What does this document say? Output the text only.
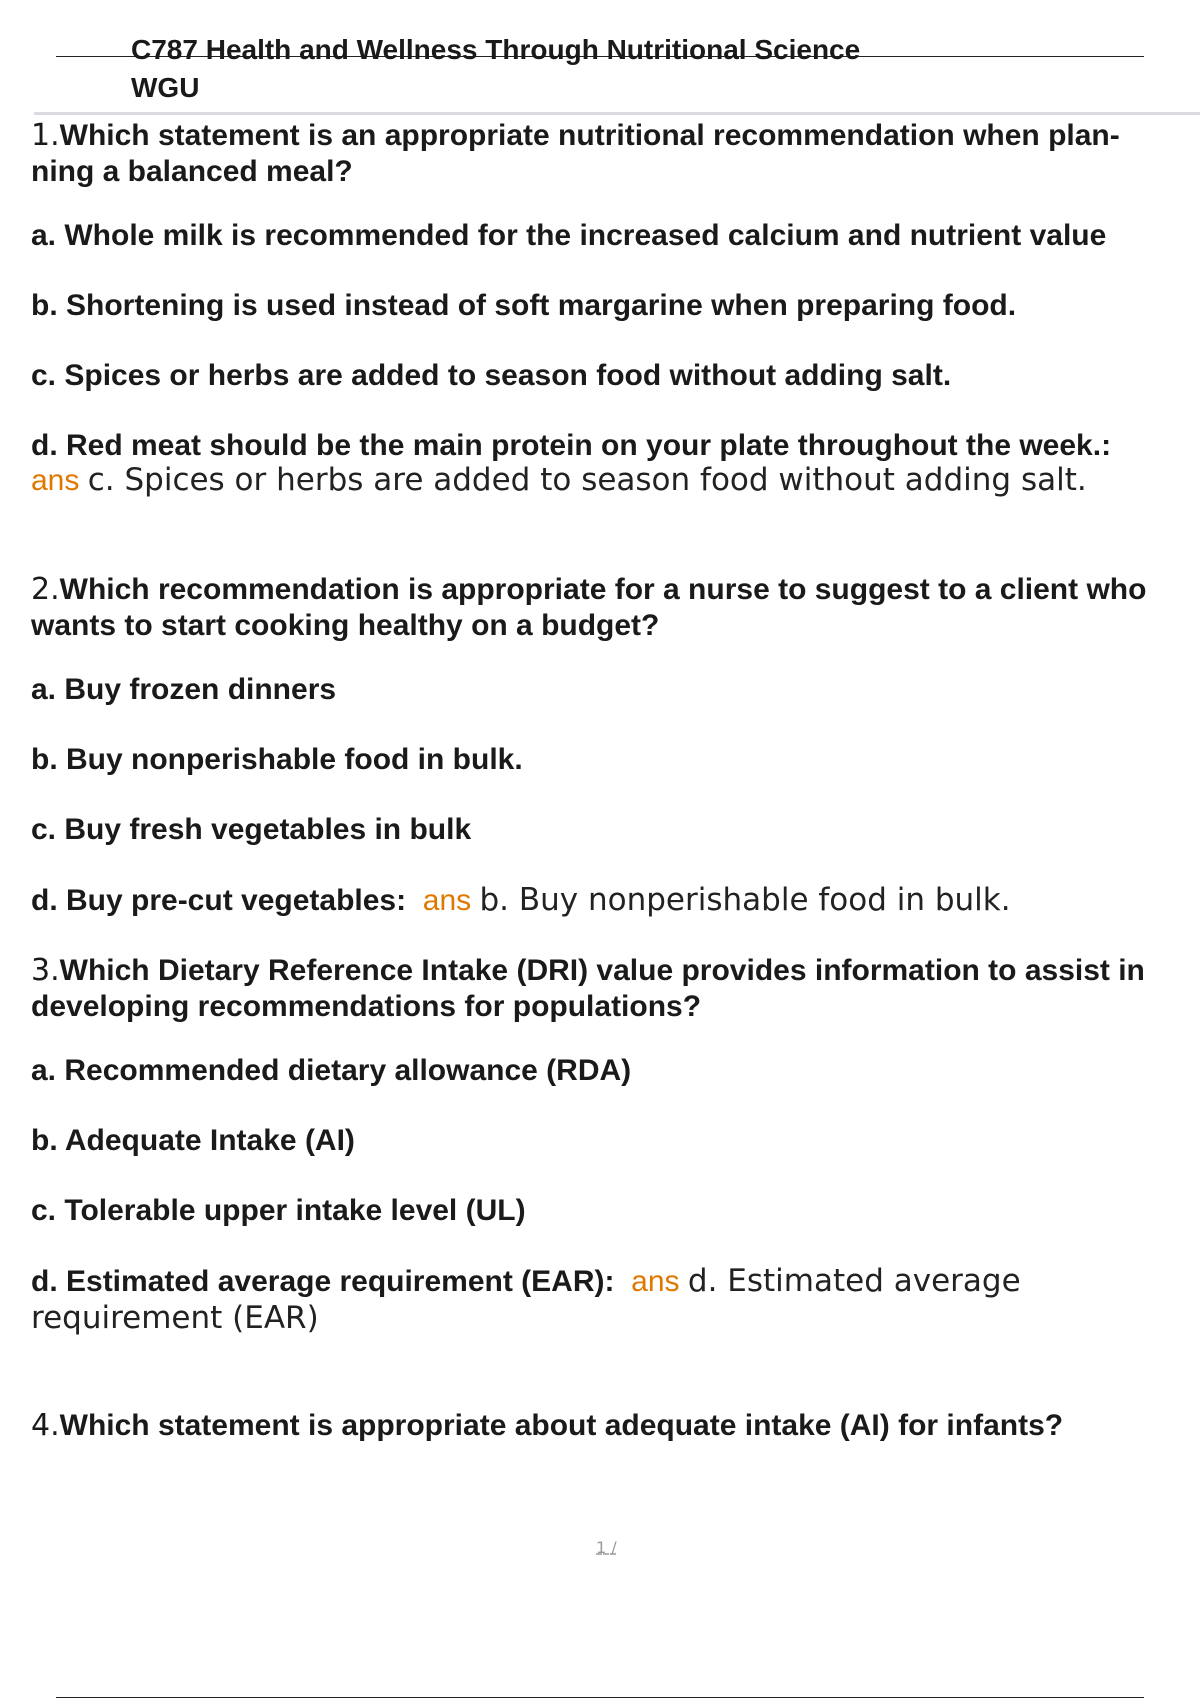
C787 Health and Wellness Through Nutritional Science
WGU

1.Which statement is an appropriate nutritional recommendation when plan- ning a balanced meal?

a. Whole milk is recommended for the increased calcium and nutrient value

b. Shortening is used instead of soft margarine when preparing food.

c. Spices or herbs are added to season food without adding salt.

d. Red meat should be the main protein on your plate throughout the week.:

ans c. Spices or herbs are added to season food without adding salt.

2.Which recommendation is appropriate for a nurse to suggest to a client who wants to start cooking healthy on a budget?

a. Buy frozen dinners

b. Buy nonperishable food in bulk.

c. Buy fresh vegetables in bulk

d. Buy pre-cut vegetables: ans b. Buy nonperishable food in bulk.

3.Which Dietary Reference Intake (DRI) value provides information to assist in developing recommendations for populations?

a. Recommended dietary allowance (RDA)

b. Adequate Intake (AI)

c. Tolerable upper intake level (UL)

d. Estimated average requirement (EAR): ans d. Estimated average requirement (EAR)

4.Which statement is appropriate about adequate intake (AI) for infants?

1 /
